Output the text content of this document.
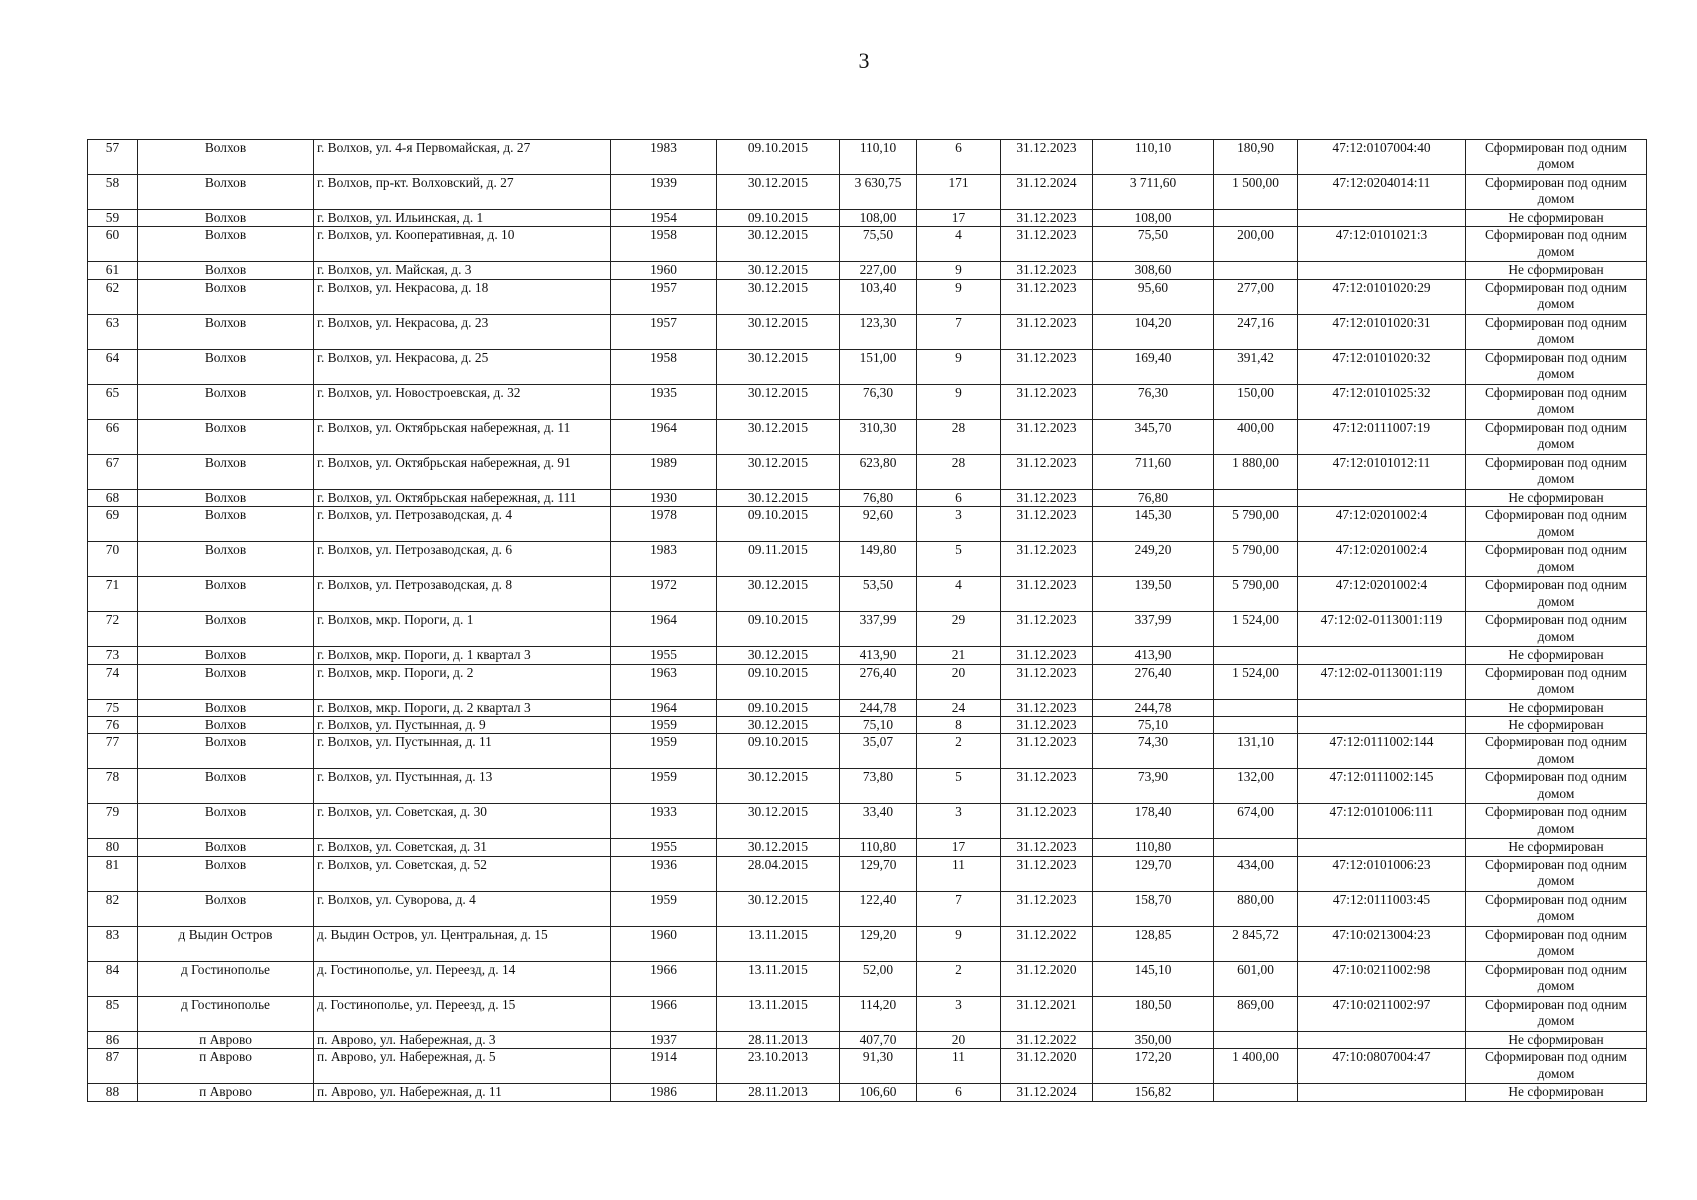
3
57	Волхов	г. Волхов, ул. 4-я Первомайская, д. 27	1983	09.10.2015	110,10	6	31.12.2023	110,10	180,90	47:12:0107004:40	Сформирован под одним домом
58	Волхов	г. Волхов, пр-кт. Волховский, д. 27	1939	30.12.2015	3 630,75	171	31.12.2024	3 711,60	1 500,00	47:12:0204014:11	Сформирован под одним домом
59	Волхов	г. Волхов, ул. Ильинская, д. 1	1954	09.10.2015	108,00	17	31.12.2023	108,00			Не сформирован
60	Волхов	г. Волхов, ул. Кооперативная, д. 10	1958	30.12.2015	75,50	4	31.12.2023	75,50	200,00	47:12:0101021:3	Сформирован под одним домом
61	Волхов	г. Волхов, ул. Майская, д. 3	1960	30.12.2015	227,00	9	31.12.2023	308,60			Не сформирован
62	Волхов	г. Волхов, ул. Некрасова, д. 18	1957	30.12.2015	103,40	9	31.12.2023	95,60	277,00	47:12:0101020:29	Сформирован под одним домом
63	Волхов	г. Волхов, ул. Некрасова, д. 23	1957	30.12.2015	123,30	7	31.12.2023	104,20	247,16	47:12:0101020:31	Сформирован под одним домом
64	Волхов	г. Волхов, ул. Некрасова, д. 25	1958	30.12.2015	151,00	9	31.12.2023	169,40	391,42	47:12:0101020:32	Сформирован под одним домом
65	Волхов	г. Волхов, ул. Новостроевская, д. 32	1935	30.12.2015	76,30	9	31.12.2023	76,30	150,00	47:12:0101025:32	Сформирован под одним домом
66	Волхов	г. Волхов, ул. Октябрьская набережная, д. 11	1964	30.12.2015	310,30	28	31.12.2023	345,70	400,00	47:12:0111007:19	Сформирован под одним домом
67	Волхов	г. Волхов, ул. Октябрьская набережная, д. 91	1989	30.12.2015	623,80	28	31.12.2023	711,60	1 880,00	47:12:0101012:11	Сформирован под одним домом
68	Волхов	г. Волхов, ул. Октябрьская набережная, д. 111	1930	30.12.2015	76,80	6	31.12.2023	76,80			Не сформирован
69	Волхов	г. Волхов, ул. Петрозаводская, д. 4	1978	09.10.2015	92,60	3	31.12.2023	145,30	5 790,00	47:12:0201002:4	Сформирован под одним домом
70	Волхов	г. Волхов, ул. Петрозаводская, д. 6	1983	09.11.2015	149,80	5	31.12.2023	249,20	5 790,00	47:12:0201002:4	Сформирован под одним домом
71	Волхов	г. Волхов, ул. Петрозаводская, д. 8	1972	30.12.2015	53,50	4	31.12.2023	139,50	5 790,00	47:12:0201002:4	Сформирован под одним домом
72	Волхов	г. Волхов, мкр. Пороги, д. 1	1964	09.10.2015	337,99	29	31.12.2023	337,99	1 524,00	47:12:02-0113001:119	Сформирован под одним домом
73	Волхов	г. Волхов, мкр. Пороги, д. 1 квартал 3	1955	30.12.2015	413,90	21	31.12.2023	413,90			Не сформирован
74	Волхов	г. Волхов, мкр. Пороги, д. 2	1963	09.10.2015	276,40	20	31.12.2023	276,40	1 524,00	47:12:02-0113001:119	Сформирован под одним домом
75	Волхов	г. Волхов, мкр. Пороги, д. 2 квартал 3	1964	09.10.2015	244,78	24	31.12.2023	244,78			Не сформирован
76	Волхов	г. Волхов, ул. Пустынная, д. 9	1959	30.12.2015	75,10	8	31.12.2023	75,10			Не сформирован
77	Волхов	г. Волхов, ул. Пустынная, д. 11	1959	09.10.2015	35,07	2	31.12.2023	74,30	131,10	47:12:0111002:144	Сформирован под одним домом
78	Волхов	г. Волхов, ул. Пустынная, д. 13	1959	30.12.2015	73,80	5	31.12.2023	73,90	132,00	47:12:0111002:145	Сформирован под одним домом
79	Волхов	г. Волхов, ул. Советская, д. 30	1933	30.12.2015	33,40	3	31.12.2023	178,40	674,00	47:12:0101006:111	Сформирован под одним домом
80	Волхов	г. Волхов, ул. Советская, д. 31	1955	30.12.2015	110,80	17	31.12.2023	110,80			Не сформирован
81	Волхов	г. Волхов, ул. Советская, д. 52	1936	28.04.2015	129,70	11	31.12.2023	129,70	434,00	47:12:0101006:23	Сформирован под одним домом
82	Волхов	г. Волхов, ул. Суворова, д. 4	1959	30.12.2015	122,40	7	31.12.2023	158,70	880,00	47:12:0111003:45	Сформирован под одним домом
83	д Выдин Остров	д. Выдин Остров, ул. Центральная, д. 15	1960	13.11.2015	129,20	9	31.12.2022	128,85	2 845,72	47:10:0213004:23	Сформирован под одним домом
84	д Гостинополье	д. Гостинополье, ул. Переезд, д. 14	1966	13.11.2015	52,00	2	31.12.2020	145,10	601,00	47:10:0211002:98	Сформирован под одним домом
85	д Гостинополье	д. Гостинополье, ул. Переезд, д. 15	1966	13.11.2015	114,20	3	31.12.2021	180,50	869,00	47:10:0211002:97	Сформирован под одним домом
86	п Аврово	п. Аврово, ул. Набережная, д. 3	1937	28.11.2013	407,70	20	31.12.2022	350,00			Не сформирован
87	п Аврово	п. Аврово, ул. Набережная, д. 5	1914	23.10.2013	91,30	11	31.12.2020	172,20	1 400,00	47:10:0807004:47	Сформирован под одним домом
88	п Аврово	п. Аврово, ул. Набережная, д. 11	1986	28.11.2013	106,60	6	31.12.2024	156,82			Не сформирован
